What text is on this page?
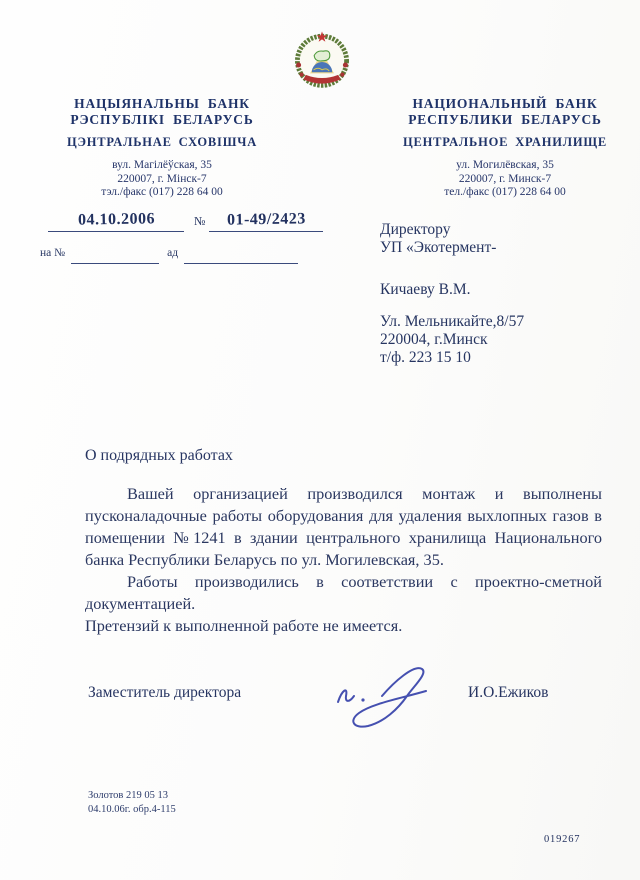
НАЦЫЯНАЛЬНЫ БАНК
РЭСПУБЛІКІ БЕЛАРУСЬ
ЦЭНТРАЛЬНАЕ СХОВІШЧА
вул. Магілёўская, 35
220007, г. Мінск-7
тэл./факс (017) 228 64 00
НАЦИОНАЛЬНЫЙ БАНК
РЕСПУБЛИКИ БЕЛАРУСЬ
ЦЕНТРАЛЬНОЕ ХРАНИЛИЩЕ
ул. Могилёвская, 35
220007, г. Минск-7
тел./факс (017) 228 64 00
04.10.2006	№ 01-49/2423
на №	ад
Директору
УП «Экотермент-
Кичаеву В.М.
Ул. Мельникайте,8/57
220004, г.Минск
т/ф. 223 15 10
О подрядных работах

Вашей организацией производился монтаж и выполнены пусконаладочные работы оборудования для удаления выхлопных газов в помещении №1241 в здании центрального хранилища Национального банка Республики Беларусь по ул. Могилевская, 35.

Работы производились в соответствии с проектно-сметной документацией.

Претензий к выполненной работе не имеется.

Заместитель директора	И.О.Ежиков
Золотов 219 05 13
04.10.06г. обр.4-115
019267
